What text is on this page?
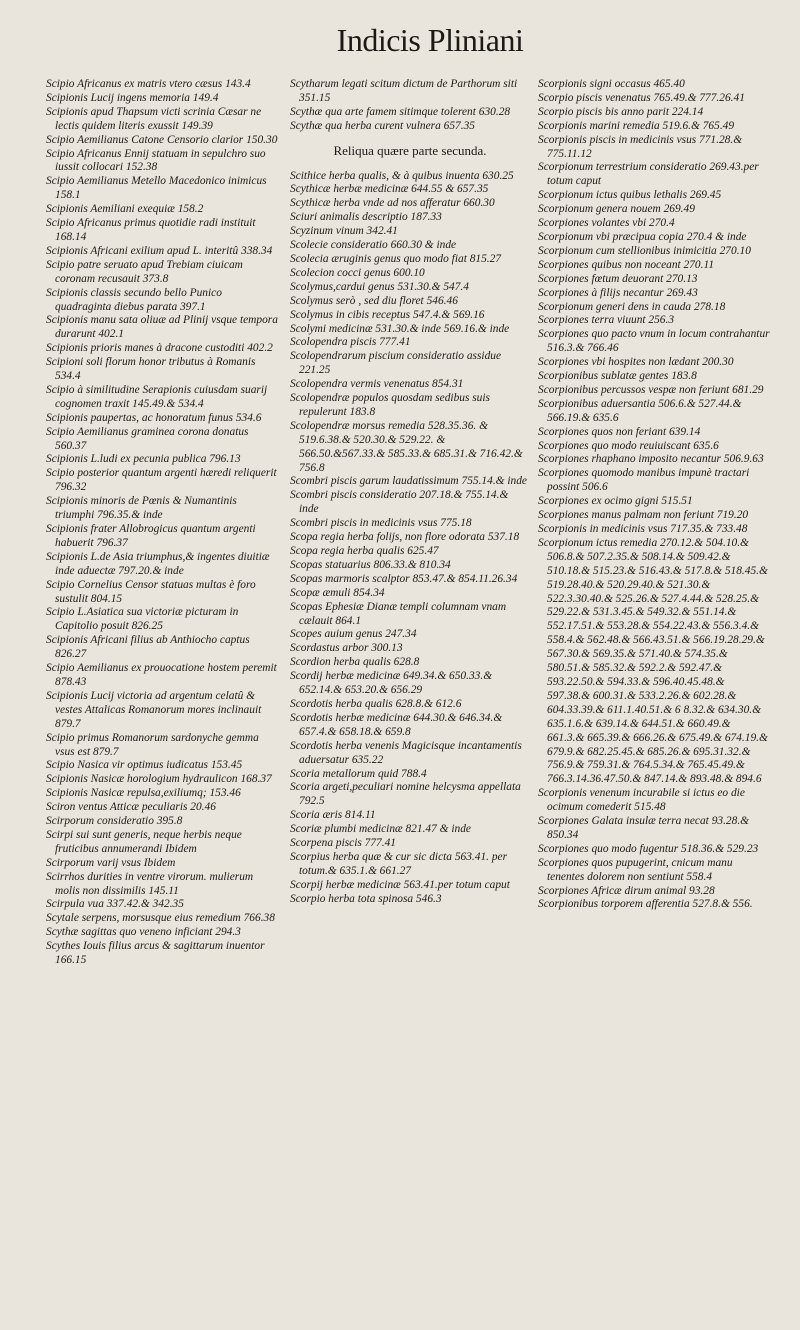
Indicis Pliniani

Scipio Africanus ex matris vtero cæsus 143.4

Scipionis Lucij ingens memoria 149.4

Scipionis apud Thapsum victi scrinia Cæsar ne lectis quidem literis exussit 149.39

Scipio Aemilianus Catone Censorio clarior 150.30

Scipio Africanus Ennij statuam in sepulchro suo iussit collocari 152.38

Scipio Aemilianus Metello Macedonico inimicus 158.1

Scipionis Aemiliani exequiæ 158.2

Scipio Africanus primus quotidie radi instituit 168.14

Scipionis Africani exilium apud L. interitû 338.34

Scipio patre seruato apud Trebiam ciuicam coronam recusauit 373.8

Scipionis classis secundo bello Punico quadraginta diebus parata 397.1

Scipionis manu sata oliuæ ad Plinij vsque tempora durarunt 402.1

Scipionis prioris manes à dracone custoditi 402.2

Scipioni soli florum honor tributus à Romanis 534.4

Scipio à similitudine Serapionis cuiusdam suarij cognomen traxit 145.49.& 534.4

Scipionis paupertas, ac honoratum funus 534.6

Scipio Aemilianus graminea corona donatus 560.37

Scipionis L.ludi ex pecunia publica 796.13

Scipio posterior quantum argenti hæredi reliquerit 796.32

Scipionis minoris de Pœnis & Numantinis triumphi 796.35.& inde

Scipionis frater Allobrogicus quantum argenti habuerit 796.37

Scipionis L.de Asia triumphus,& ingentes diuitiæ inde aduectæ 797.20.& inde

Scipio Cornelius Censor statuas multas è foro sustulit 804.15

Scipio L.Asiatica sua victoriæ picturam in Capitolio posuit 826.25

Scipionis Africani filius ab Anthiocho captus 826.27

Scipio Aemilianus ex prouocatione hostem peremit 878.43

Scipionis Lucij victoria ad argentum celatû & vestes Attalicas Romanorum mores inclinauit 879.7

Scipio primus Romanorum sardonyche gemma vsus est 879.7

Scipio Nasica vir optimus iudicatus 153.45

Scipionis Nasicæ horologium hydraulicon 168.37

Scipionis Nasicæ repulsa,exiliumq; 153.46

Sciron ventus Atticæ peculiaris 20.46

Scirporum consideratio 395.8

Scirpi sui sunt generis, neque herbis neque fruticibus annumerandi Ibidem

Scirporum varij vsus Ibidem

Scirrhos durities in ventre virorum. mulierum molis non dissimilis 145.11

Scirpula vua 337.42.& 342.35

Scytale serpens, morsusque eius remedium 766.38

Scythæ sagittas quo veneno inficiant 294.3

Scythes Iouis filius arcus & sagittarum inuentor 166.15

Scytharum legati scitum dictum de Parthorum siti 351.15

Scythæ qua arte famem sitimque tolerent 630.28

Scythæ qua herba curent vulnera 657.35

Reliqua quære parte secunda.

Scithice herba qualis, & à quibus inuenta 630.25

Scythicæ herbæ medicinæ 644.55 & 657.35

Scythicæ herba vnde ad nos afferatur 660.30

Sciuri animalis descriptio 187.33

Scyzinum vinum 342.41

Scolecie consideratio 660.30 & inde

Scolecia æruginis genus quo modo fiat 815.27

Scolecion cocci genus 600.10

Scolymus,cardui genus 531.30.& 547.4

Scolymus serò , sed diu floret 546.46

Scolymus in cibis receptus 547.4.& 569.16

Scolymi medicinæ 531.30.& inde 569.16.& inde

Scolopendra piscis 777.41

Scolopendrarum piscium consideratio assidue 221.25

Scolopendra vermis venenatus 854.31

Scolopendræ populos quosdam sedibus suis repulerunt 183.8

Scolopendræ morsus remedia 528.35.36. & 519.6.38.& 520.30.& 529.22. & 566.50.&567.33.& 585.33.& 685.31.& 716.42.& 756.8

Scombri piscis garum laudatissimum 755.14.& inde

Scombri piscis consideratio 207.18.& 755.14.& inde

Scombri piscis in medicinis vsus 775.18

Scopa regia herba folijs, non flore odorata 537.18

Scopa regia herba qualis 625.47

Scopas statuarius 806.33.& 810.34

Scopas marmoris scalptor 853.47.& 854.11.26.34

Scopæ æmuli 854.34

Scopas Ephesiæ Dianæ templi columnam vnam cælauit 864.1

Scopes auium genus 247.34

Scordastus arbor 300.13

Scordion herba qualis 628.8

Scordij herbæ medicinæ 649.34.& 650.33.& 652.14.& 653.20.& 656.29

Scordotis herba qualis 628.8.& 612.6

Scordotis herbæ medicinæ 644.30.& 646.34.& 657.4.& 658.18.& 659.8

Scordotis herba venenis Magicisque incantamentis aduersatur 635.22

Scoria metallorum quid 788.4

Scoria argeti,peculiari nomine helcysma appellata 792.5

Scoria æris 814.11

Scoriæ plumbi medicinæ 821.47 & inde

Scorpena piscis 777.41

Scorpius herba quæ & cur sic dicta 563.41. per totum.& 635.1.& 661.27

Scorpij herbæ medicinæ 563.41.per totum caput

Scorpio herba tota spinosa 546.3

Scorpionis signi occasus 465.40

Scorpio piscis venenatus 765.49.& 777.26.41

Scorpio piscis bis anno parit 224.14

Scorpionis marini remedia 519.6.& 765.49

Scorpionis piscis in medicinis vsus 771.28.& 775.11.12

Scorpionum terrestrium consideratio 269.43.per totum caput

Scorpionum ictus quibus lethalis 269.45

Scorpionum genera nouem 269.49

Scorpiones volantes vbi 270.4

Scorpionum vbi præcipua copia 270.4 & inde

Scorpionum cum stellionibus inimicitia 270.10

Scorpiones quibus non noceant 270.11

Scorpiones fœtum deuorant 270.13

Scorpiones à filijs necantur 269.43

Scorpionum generi dens in cauda 278.18

Scorpiones terra viuunt 256.3

Scorpiones quo pacto vnum in locum contrahantur 516.3.& 766.46

Scorpiones vbi hospites non lædant 200.30

Scorpionibus sublatæ gentes 183.8

Scorpionibus percussos vespæ non feriunt 681.29

Scorpionibus aduersantia 506.6.& 527.44.& 566.19.& 635.6

Scorpiones quos non feriant 639.14

Scorpiones quo modo reuiuiscant 635.6

Scorpiones rhaphano imposito necantur 506.9.63

Scorpiones quomodo manibus impunè tractari possint 506.6

Scorpiones ex ocimo gigni 515.51

Scorpiones manus palmam non feriunt 719.20

Scorpionis in medicinis vsus 717.35.& 733.48

Scorpionum ictus remedia 270.12.& 504.10.& 506.8.& 507.2.35.& 508.14.& 509.42.& 510.18.& 515.23.& 516.43.& 517.8.& 518.45.& 519.28.40.& 520.29.40.& 521.30.& 522.3.30.40.& 525.26.& 527.4.44.& 528.25.& 529.22.& 531.3.45.& 549.32.& 551.14.& 552.17.51.& 553.28.& 554.22.43.& 556.3.4.& 558.4.& 562.48.& 566.43.51.& 566.19.28.29.& 567.30.& 569.35.& 571.40.& 574.35.& 580.51.& 585.32.& 592.2.& 592.47.& 593.22.50.& 594.33.& 596.40.45.48.& 597.38.& 600.31.& 533.2.26.& 602.28.& 604.33.39.& 611.1.40.51.& 6 8.32.& 634.30.& 635.1.6.& 639.14.& 644.51.& 660.49.& 661.3.& 665.39.& 666.26.& 675.49.& 674.19.& 679.9.& 682.25.45.& 685.26.& 695.31.32.& 756.9.& 759.31.& 764.5.34.& 765.45.49.& 766.3.14.36.47.50.& 847.14.& 893.48.& 894.6

Scorpionis venenum incurabile si ictus eo die ocimum comederit 515.48

Scorpiones Galata insulæ terra necat 93.28.& 850.34

Scorpiones quo modo fugentur 518.36.& 529.23

Scorpiones quos pupugerint, cnicum manu tenentes dolorem non sentiunt 558.4

Scorpiones Africæ dirum animal 93.28

Scorpionibus torporem afferentia 527.8.& 556.
